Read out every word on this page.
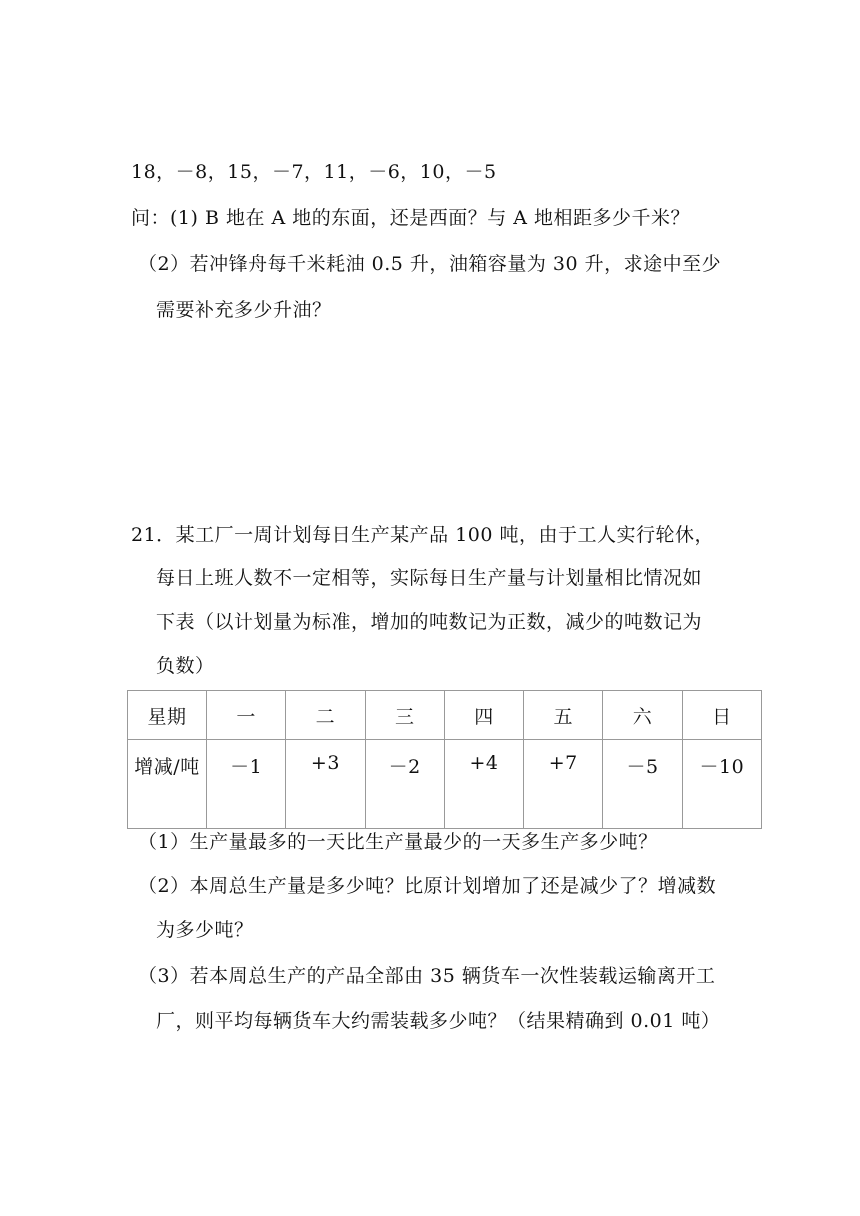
18，－8，15，－7，11，－6，10，－5
问：(1) B 地在 A 地的东面，还是西面？与 A 地相距多少千米？
（2）若冲锋舟每千米耗油 0.5 升，油箱容量为 30 升，求途中至少
需要补充多少升油？
21．某工厂一周计划每日生产某产品 100 吨，由于工人实行轮休，
每日上班人数不一定相等，实际每日生产量与计划量相比情况如
下表（以计划量为标准，增加的吨数记为正数，减少的吨数记为
负数）
星期	一	二	三	四	五	六	日
增减/吨	－1	+3	－2	+4	+7	－5	－10
（1）生产量最多的一天比生产量最少的一天多生产多少吨？
（2）本周总生产量是多少吨？比原计划增加了还是减少了？增减数
为多少吨？
（3）若本周总生产的产品全部由 35 辆货车一次性装载运输离开工
厂，则平均每辆货车大约需装载多少吨？（结果精确到 0.01 吨）
